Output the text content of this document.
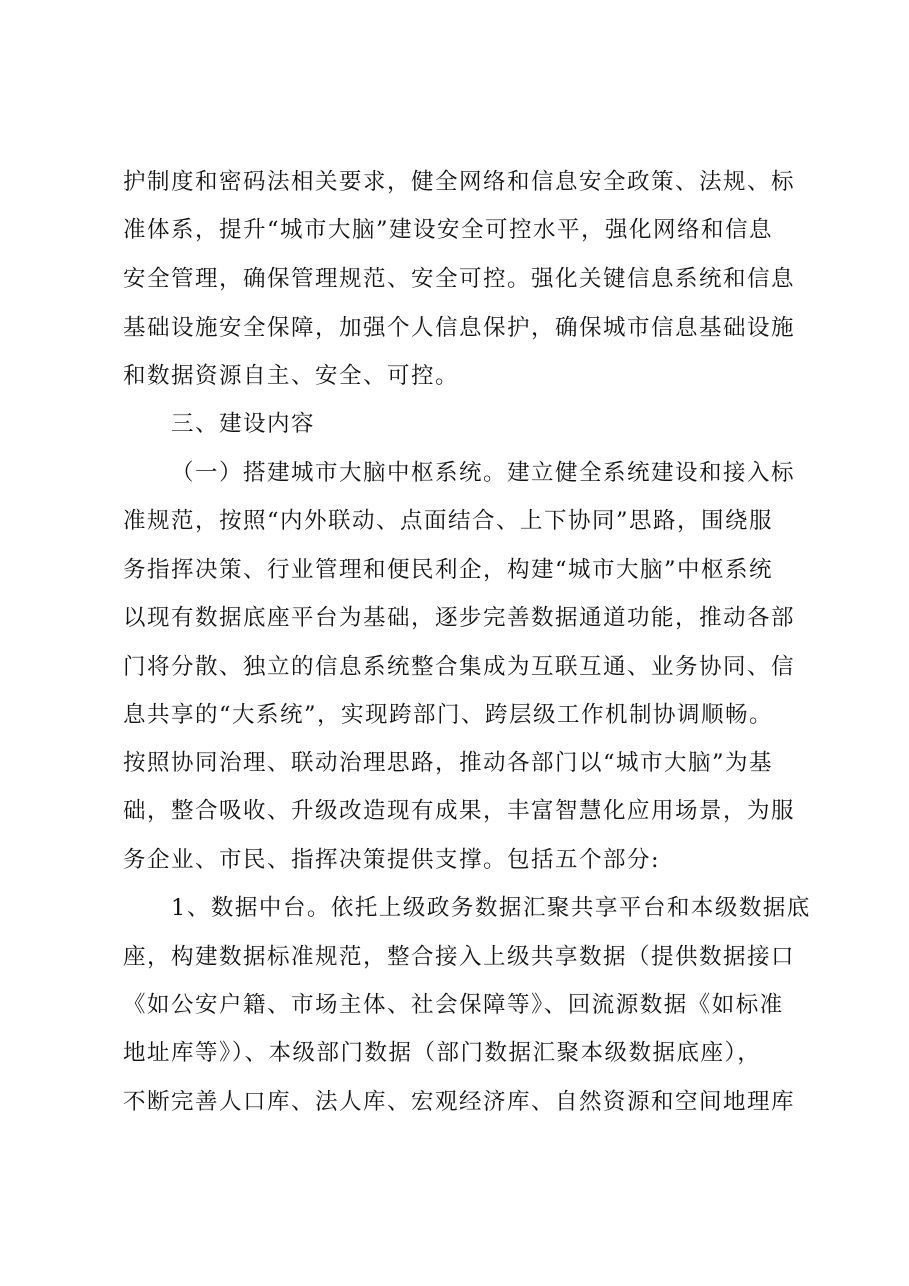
护制度和密码法相关要求，健全网络和信息安全政策、法规、标
准体系，提升“城市大脑”建设安全可控水平，强化网络和信息
安全管理，确保管理规范、安全可控。强化关键信息系统和信息
基础设施安全保障，加强个人信息保护，确保城市信息基础设施
和数据资源自主、安全、可控。
三、建设内容
（一）搭建城市大脑中枢系统。建立健全系统建设和接入标
准规范，按照“内外联动、点面结合、上下协同”思路，围绕服
务指挥决策、行业管理和便民利企，构建“城市大脑”中枢系统
以现有数据底座平台为基础，逐步完善数据通道功能，推动各部
门将分散、独立的信息系统整合集成为互联互通、业务协同、信
息共享的“大系统”，实现跨部门、跨层级工作机制协调顺畅。
按照协同治理、联动治理思路，推动各部门以“城市大脑”为基
础，整合吸收、升级改造现有成果，丰富智慧化应用场景，为服
务企业、市民、指挥决策提供支撑。包括五个部分:
1、数据中台。依托上级政务数据汇聚共享平台和本级数据底
座，构建数据标准规范，整合接入上级共享数据（提供数据接口
《如公安户籍、市场主体、社会保障等》、回流源数据《如标准
地址库等》）、本级部门数据（部门数据汇聚本级数据底座），
不断完善人口库、法人库、宏观经济库、自然资源和空间地理库
